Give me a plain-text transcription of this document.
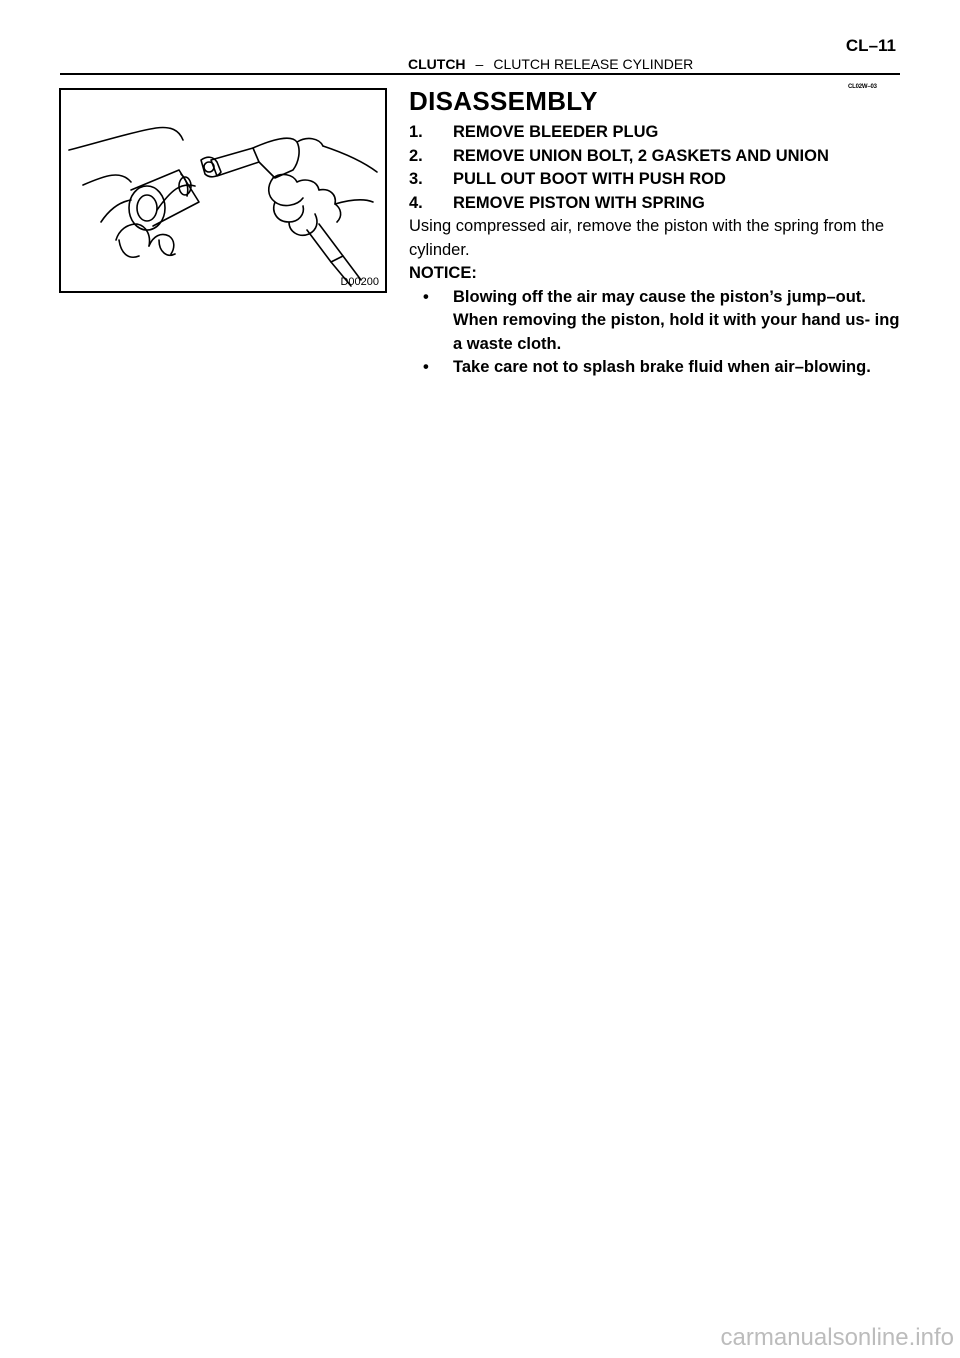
CL–11
CLUTCH – CLUTCH RELEASE CYLINDER
CL02W–03
D00200
DISASSEMBLY
1.	REMOVE BLEEDER PLUG
2.	REMOVE UNION BOLT, 2 GASKETS AND UNION
3.	PULL OUT BOOT WITH PUSH ROD
4.	REMOVE PISTON WITH SPRING

Using compressed air, remove the piston with the spring from the cylinder.

NOTICE:

•	Blowing off the air may cause the piston’s jump–out. When removing the piston, hold it with your hand us- ing a waste cloth.
•	Take care not to splash brake fluid when air–blowing.
carmanualsonline.info
